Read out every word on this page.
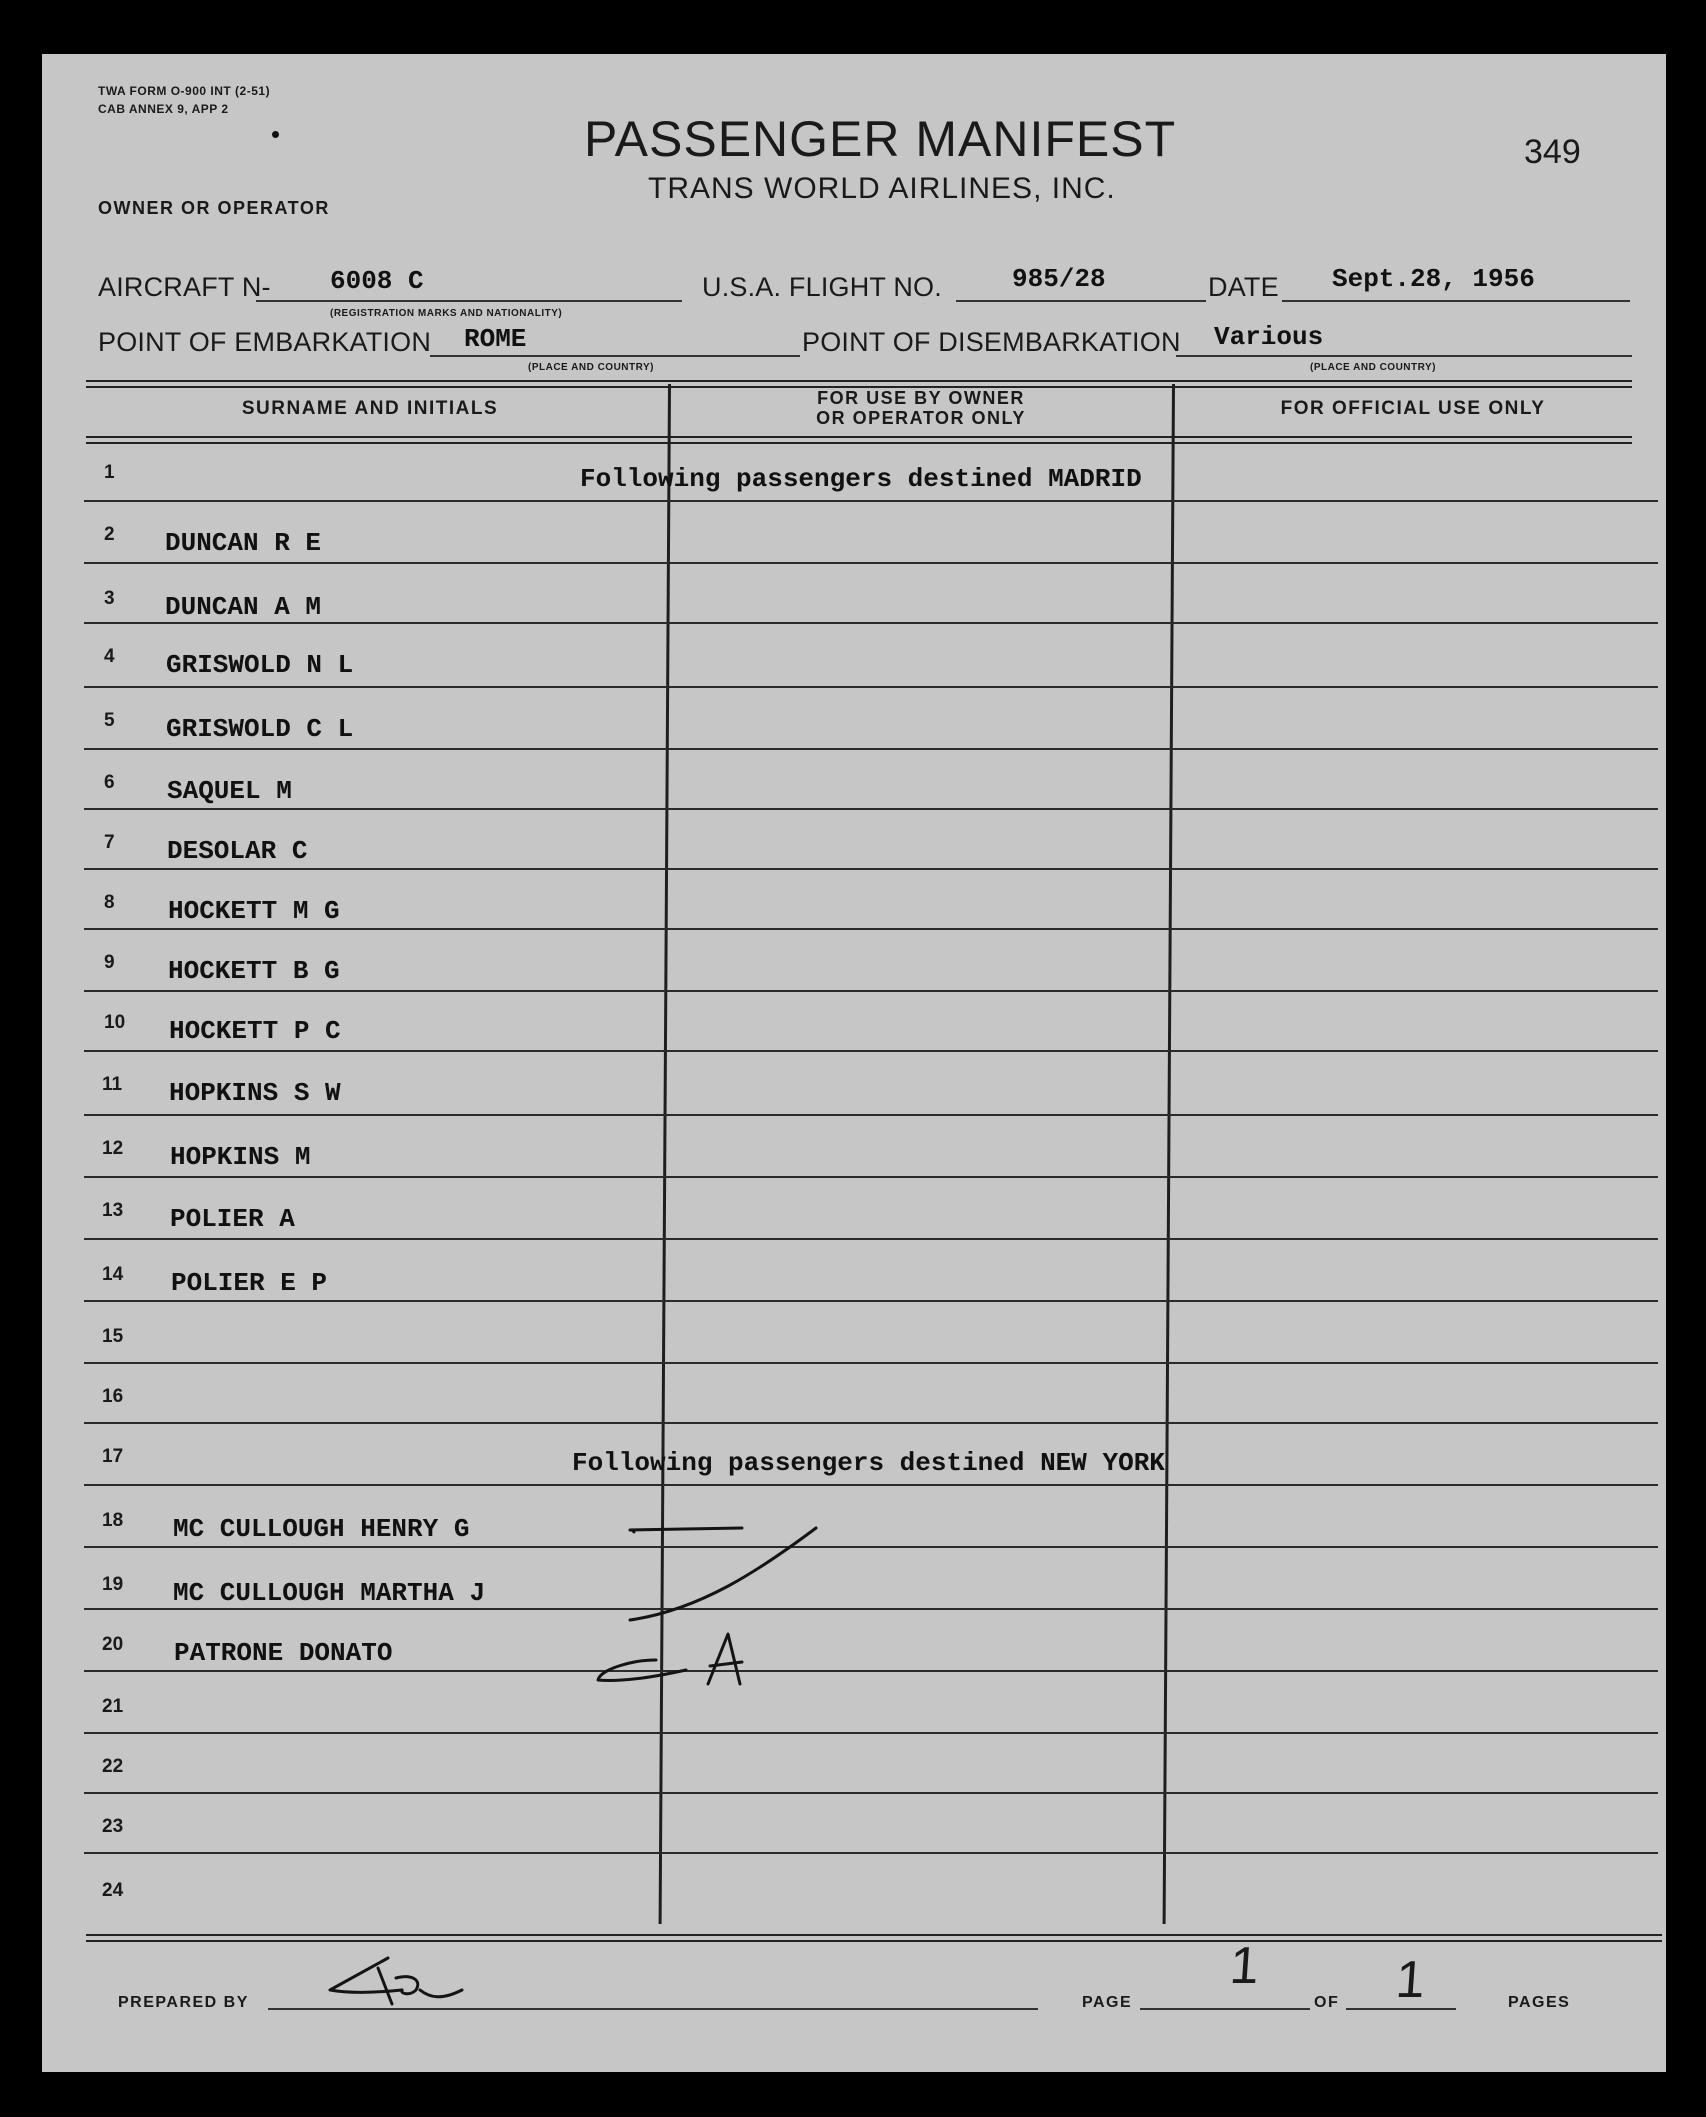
TWA FORM O-900 INT (2-51)
CAB ANNEX 9, APP 2
PASSENGER MANIFEST
TRANS WORLD AIRLINES, INC.
349
OWNER OR OPERATOR
AIRCRAFT N- 6008 C
(REGISTRATION MARKS AND NATIONALITY)
U.S.A. FLIGHT NO.	985/28	DATE Sept.28, 1956
POINT OF EMBARKATION ROME
(PLACE AND COUNTRY)
POINT OF DISEMBARKATION Various
(PLACE AND COUNTRY)
SURNAME AND INITIALS	FOR USE BY OWNER
OR OPERATOR ONLY	FOR OFFICIAL USE ONLY
1	Following passengers destined MADRID
2 DUNCAN R E
3 DUNCAN A M
4 GRISWOLD N L
5 GRISWOLD C L
6 SAQUEL M
7 DESOLAR C
8 HOCKETT M G
9 HOCKETT B G
10 HOCKETT P C
11 HOPKINS S W
12 HOPKINS M
13 POLIER A
14 POLIER E P
15
16
17	Following passengers destined NEW YORK
18 MC CULLOUGH HENRY G
19 MC CULLOUGH MARTHA J
20 PATRONE DONATO
21
22
23
24
PREPARED BY	PAGE
1
OF 1	PAGES
